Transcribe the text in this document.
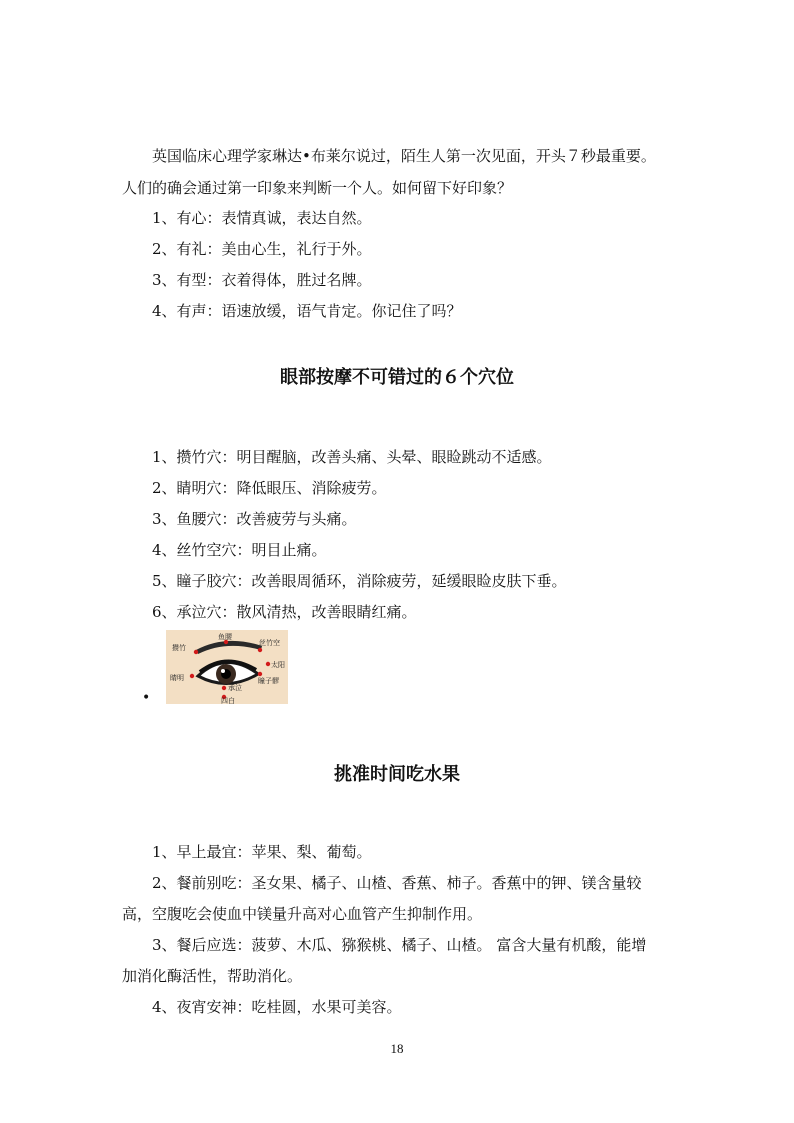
英国临床心理学家琳达•布莱尔说过，陌生人第一次见面，开头７秒最重要。

人们的确会通过第一印象来判断一个人。如何留下好印象？

1、有心：表情真诚，表达自然。

2、有礼：美由心生，礼行于外。

3、有型：衣着得体，胜过名牌。

4、有声：语速放缓，语气肯定。你记住了吗？

眼部按摩不可错过的６个穴位

1、攒竹穴：明目醒脑，改善头痛、头晕、眼睑跳动不适感。

2、睛明穴：降低眼压、消除疲劳。

3、鱼腰穴：改善疲劳与头痛。

4、丝竹空穴：明目止痛。

5、瞳子胶穴：改善眼周循环，消除疲劳，延缓眼睑皮肤下垂。

6、承泣穴：散风清热，改善眼睛红痛。

鱼腰
攒竹
丝竹空
太阳
瞳子髎
睛明
承泣
四白
•
挑准时间吃水果

1、早上最宜：苹果、梨、葡萄。

2、餐前别吃：圣女果、橘子、山楂、香蕉、柿子。香蕉中的钾、镁含量较

高，空腹吃会使血中镁量升高对心血管产生抑制作用。

3、餐后应选：菠萝、木瓜、猕猴桃、橘子、山楂。 富含大量有机酸，能增

加消化酶活性，帮助消化。

4、夜宵安神：吃桂圆，水果可美容。

18
